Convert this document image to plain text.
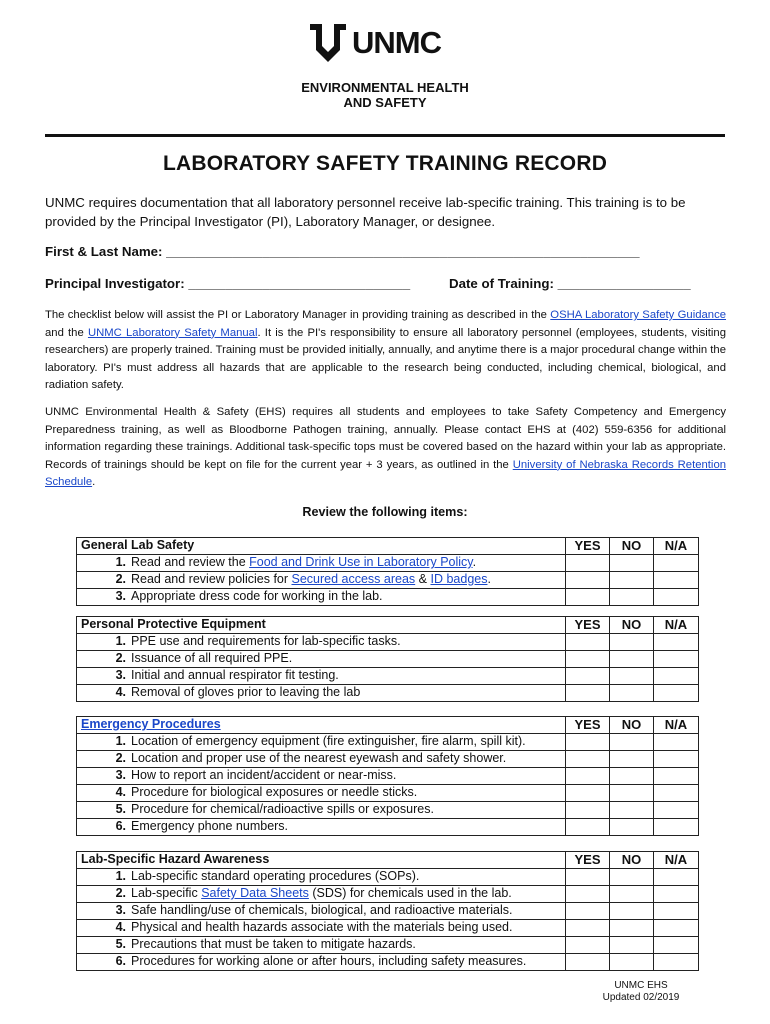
UNMC
ENVIRONMENTAL HEALTH
AND SAFETY
LABORATORY SAFETY TRAINING RECORD
UNMC requires documentation that all laboratory personnel receive lab-specific training. This training is to be provided by the Principal Investigator (PI), Laboratory Manager, or designee.
First & Last Name: ________________________________________________________________
Principal Investigator: ______________________________	Date of Training: __________________
The checklist below will assist the PI or Laboratory Manager in providing training as described in the OSHA Laboratory Safety Guidance and the UNMC Laboratory Safety Manual. It is the PI's responsibility to ensure all laboratory personnel (employees, students, visiting researchers) are properly trained. Training must be provided initially, annually, and anytime there is a major procedural change within the laboratory. PI's must address all hazards that are applicable to the research being conducted, including chemical, biological, and radiation safety.
UNMC Environmental Health & Safety (EHS) requires all students and employees to take Safety Competency and Emergency Preparedness training, as well as Bloodborne Pathogen training, annually. Please contact EHS at (402) 559-6356 for additional information regarding these trainings. Additional task-specific tops must be covered based on the hazard within your lab as appropriate. Records of trainings should be kept on file for the current year + 3 years, as outlined in the University of Nebraska Records Retention Schedule.
Review the following items:
General Lab Safety	YES	NO	N/A
1. Read and review the Food and Drink Use in Laboratory Policy.			
2. Read and review policies for Secured access areas & ID badges.			
3. Appropriate dress code for working in the lab.			
Personal Protective Equipment	YES	NO	N/A
1. PPE use and requirements for lab-specific tasks.			
2. Issuance of all required PPE.			
3. Initial and annual respirator fit testing.			
4. Removal of gloves prior to leaving the lab			
Emergency Procedures	YES	NO	N/A
1. Location of emergency equipment (fire extinguisher, fire alarm, spill kit).			
2. Location and proper use of the nearest eyewash and safety shower.			
3. How to report an incident/accident or near-miss.			
4. Procedure for biological exposures or needle sticks.			
5. Procedure for chemical/radioactive spills or exposures.			
6. Emergency phone numbers.			
Lab-Specific Hazard Awareness	YES	NO	N/A
1. Lab-specific standard operating procedures (SOPs).			
2. Lab-specific Safety Data Sheets (SDS) for chemicals used in the lab.			
3. Safe handling/use of chemicals, biological, and radioactive materials.			
4. Physical and health hazards associate with the materials being used.			
5. Precautions that must be taken to mitigate hazards.			
6. Procedures for working alone or after hours, including safety measures.			
UNMC EHS
Updated 02/2019
